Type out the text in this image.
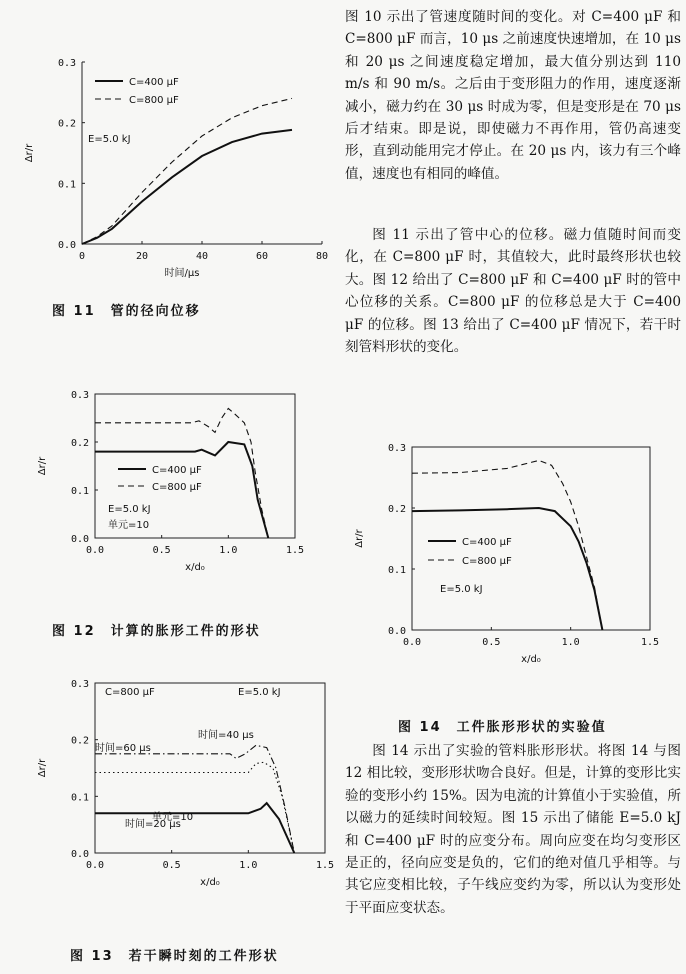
图 10 示出了管速度随时间的变化。对 C=400 μF 和 C=800 μF 而言，10 μs 之前速度快速增加，在 10 μs 和 20 μs 之间速度稳定增加，最大值分别达到 110 m/s 和 90 m/s。之后由于变形阻力的作用，速度逐渐减小，磁力约在 30 μs 时成为零，但是变形是在 70 μs 后才结束。即是说，即使磁力不再作用，管仍高速变形，直到动能用完才停止。在 20 μs 内，该力有三个峰值，速度也有相同的峰值。

图 11 示出了管中心的位移。磁力值随时间而变化，在 C=800 μF 时，其值较大，此时最终形状也较大。图 12 给出了 C=800 μF 和 C=400 μF 时的管中心位移的关系。C=800 μF 的位移总是大于 C=400 μF 的位移。图 13 给出了 C=400 μF 情况下，若干时刻管料形状的变化。

图 14 示出了实验的管料胀形形状。将图 14 与图 12 相比较，变形形状吻合良好。但是，计算的变形比实验的变形小约 15%。因为电流的计算值小于实验值，所以磁力的延续时间较短。图 15 示出了储能 E=5.0 kJ 和 C=400 μF 时的应变分布。周向应变在均匀变形区是正的，径向应变是负的，它们的绝对值几乎相等。与其它应变相比较，子午线应变约为零，所以认为变形处于平面应变状态。

图 11　管的径向位移
图 12　计算的胀形工件的形状
图 13　若干瞬时刻的工件形状
图 14　工件胀形形状的实验值
0	20	40	60	80
0.0
0.1
0.2
0.3
时间/μs
Δr/r
C=400 μF
C=800 μF
E=5.0 kJ
0.0	0.5	1.0	1.5
0.0
0.1
0.2
0.3
x/d₀
Δr/r	C=400 μF
C=800 μF
E=5.0 kJ
单元=10
0.0	0.5	1.0	1.5
0.0
0.1
0.2
0.3
x/d₀
Δr/r
时间=20 μs
时间=40 μs
时间=60 μs
C=800 μF	E=5.0 kJ
单元=10
0.0	0.5	1.0	1.5
0.0
0.1
0.2
0.3
x/d₀
Δr/r	C=400 μF
C=800 μF
E=5.0 kJ
